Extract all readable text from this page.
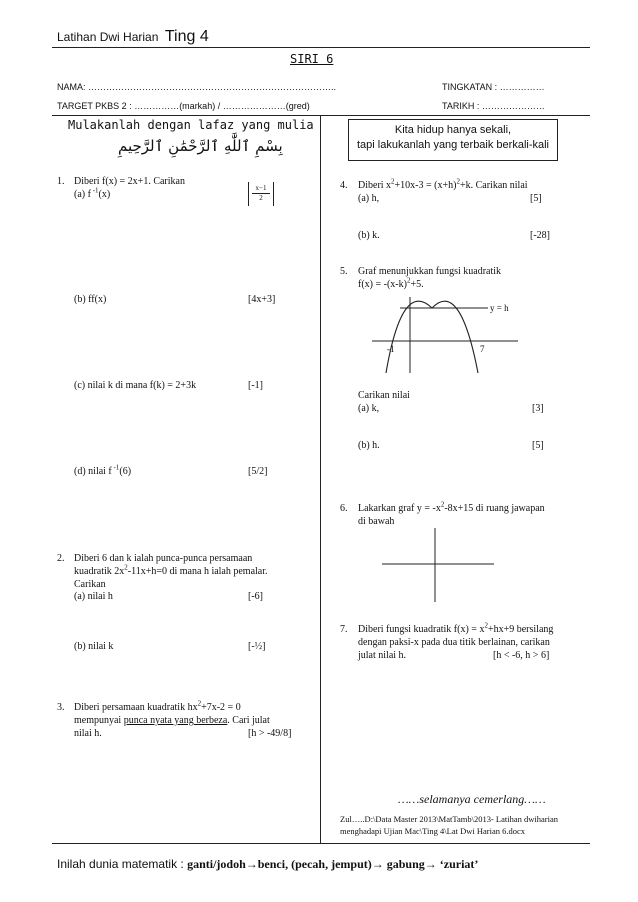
Latihan Dwi Harian Ting 4
SIRI 6
NAMA: ………………………………………………………………………..	TINGKATAN : ……………
TARGET PKBS 2 : ……………(markah) / …………………(gred)	TARIKH : …………………
Mulakanlah dengan lafaz yang mulia
بِسْمِ ٱللَّٰهِ ٱلرَّحْمَٰنِ ٱلرَّحِيمِ
Kita hidup hanya sekali,
tapi lakukanlah yang terbaik berkali-kali
1. Diberi f(x) = 2x+1. Carikan
(a) f $^{-1}$(x)	$\frac{x-1}{2}$
(b) ff(x)	[4x+3]
(c) nilai k di mana f(k) = 2+3k	[-1]
(d) nilai f $^{-1}$(6)	[5/2]
2. Diberi 6 dan k ialah punca-punca persamaan
kuadratik $2x^2-11x+h=0$ di mana h ialah pemalar.
Carikan
(a) nilai h	[-6]
(b) nilai k	[-½]
3. Diberi persamaan kuadratik $hx^2+7x-2 = 0$
mempunyai punca nyata yang berbeza. Cari julat
nilai h.	[h > -49/8]
4. Diberi $x^2+10x-3 = (x+h)^2+k$. Carikan nilai
(a) h,	[5]
(b) k.	[-28]
5. Graf menunjukkan fungsi kuadratik
$f(x) = -(x-k)^2+5$.
y = h
-1	7
Carikan nilai
(a) k,	[3]
(b) h.	[5]
6. Lakarkan graf $y = -x^2-8x+15$ di ruang jawapan
di bawah
7. Diberi fungsi kuadratik $f(x) = x^2+hx+9$ bersilang
dengan paksi-x pada dua titik berlainan, carikan
julat nilai h.	[h < -6, h > 6]
……selamanya cemerlang……
Zul…..D:\Data Master 2013\MatTamb\2013- Latihan dwiharian
menghadapi Ujian Mac\Ting 4\Lat Dwi Harian 6.docx
Inilah dunia matematik : ganti/jodoh→benci, (pecah, jemput)→ gabung→ ‘zuriat’
